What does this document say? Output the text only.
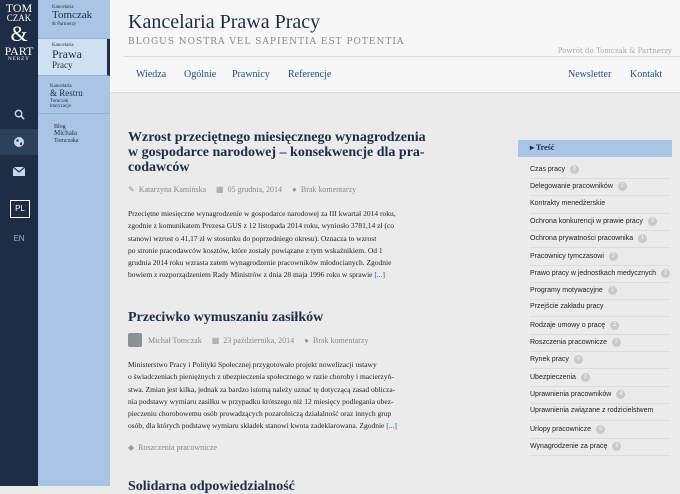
TOM
CZAK
&
PART
NERZY
PL
EN
Kancelaria
Tomczak
& Partnerzy
Kancelaria
Prawa
Pracy
Kancelaria
& Restru
Tomczak
kturyzacje
Blog
Michała
Tomczaka
Kancelaria Prawa Pracy
BLOGUS NOSTRA VEL SAPIENTIA EST POTENTIA
Powrót do Tomczak & Partnerzy
Wiedza Ogólnie Prawnicy Referencje	Newsletter Kontakt
Wzrost przeciętnego miesięcznego wynagrodzenia
w gospodarce narodowej – konsekwencje dla pra-
codawców
✎ Katarzyna Kamińska ▦ 05 grudnia, 2014 ● Brak komentarzy
Przeciętne miesięczne wynagrodzenie w gospodarce narodowej za III kwartał 2014 roku,
zgodnie z komunikatem Prezesa GUS z 12 listopada 2014 roku, wyniosło 3781,14 zł (co
stanowi wzrost o 41,17 zł w stosunku do poprzedniego okresu). Oznacza to wzrost
po stronie pracodawców kosztów, które zostały powiązane z tym wskaźnikiem. Od 1
grudnia 2014 roku wzrasta zatem wynagrodzenie pracowników młodocianych. Zgodnie
bowiem z rozporządzeniem Rady Ministrów z dnia 28 maja 1996 roku w sprawie [...]
Przeciwko wymuszaniu zasiłków
Michał Tomczak ▦ 23 października, 2014 ● Brak komentarzy
Ministerstwo Pracy i Polityki Społecznej przygotowało projekt nowelizacji ustawy
o świadczeniach pieniężnych z ubezpieczenia społecznego w razie choroby i macierzyń-
stwa. Zmian jest kilka, jednak za bardzo istotną należy uznać tę dotyczącą zasad oblicza-
nia podstawy wymiaru zasiłku w przypadku krótszego niż 12 miesięcy podlegania ubez-
pieczeniu chorobowemu osób prowadzących pozarolniczą działalność oraz innych grup
osób, dla których podstawę wymiaru składek stanowi kwota zadeklarowana. Zgodnie [...]
◆ Roszczenia pracownicze
Solidarna odpowiedzialność
▸ Treść
Czas pracy	8
Delegowanie pracowników	2
Kontrakty menedżerskie
Ochrona konkurencji w prawie pracy	3
Ochrona prywatności pracownika	1
Pracownicy tymczasowi	2
Prawo pracy w jednostkach medycznych	2
Programy motywacyjne	1
Przejście zakładu pracy
Rodzaje umowy o pracę	2
Roszczenia pracownicze	2
Rynek pracy	4
Ubezpieczenia	2
Uprawnienia pracowników	4
Uprawnienia związane z rodzicielstwem
Urlopy pracownicze	6
Wynagrodzenie za pracę	9
